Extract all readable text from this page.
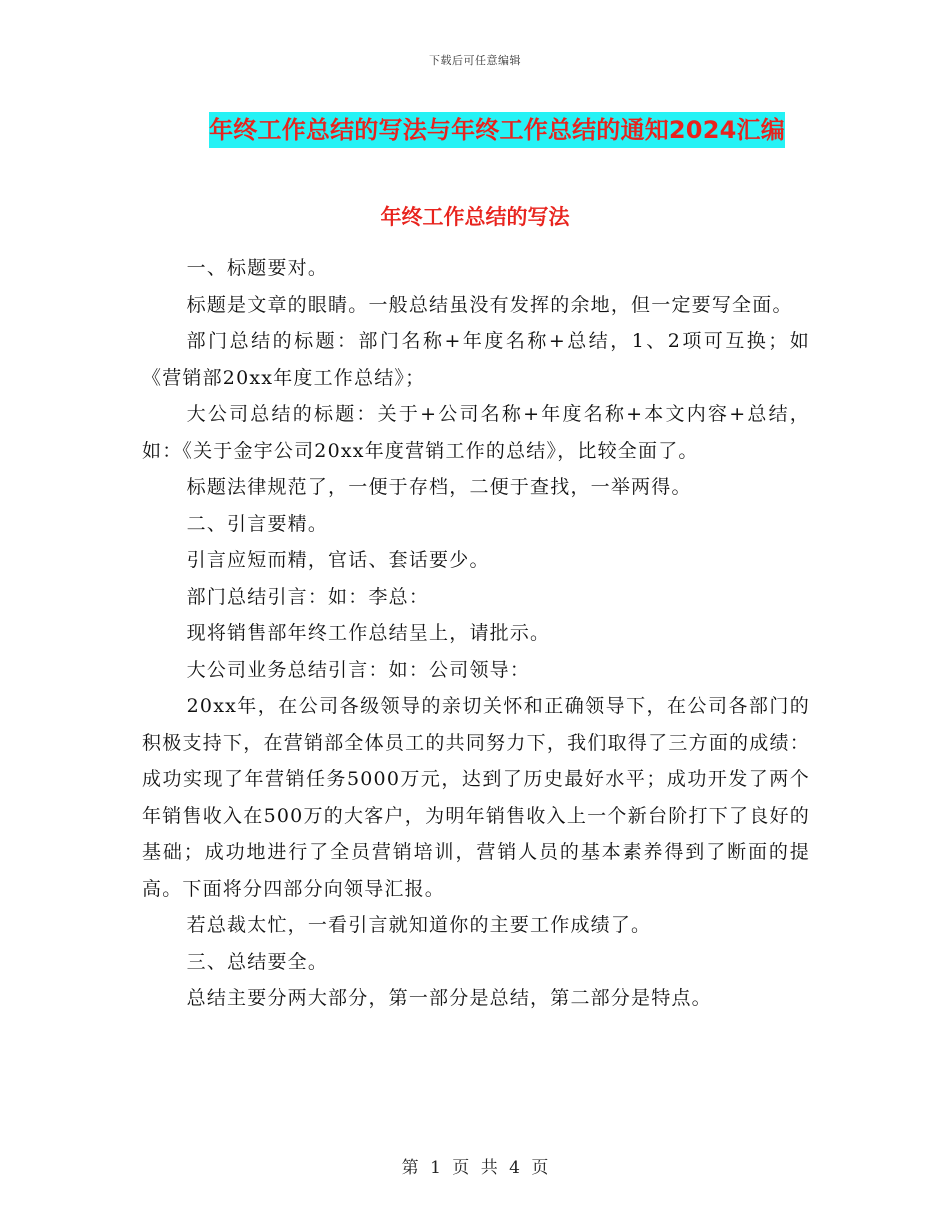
下载后可任意编辑
年终工作总结的写法与年终工作总结的通知2024汇编
年终工作总结的写法

一、标题要对。

标题是文章的眼睛。一般总结虽没有发挥的余地，但一定要写全面。

部门总结的标题：部门名称+年度名称+总结，1、2项可互换；如《营销部20xx年度工作总结》；

大公司总结的标题：关于+公司名称+年度名称+本文内容+总结，如：《关于金宇公司20xx年度营销工作的总结》，比较全面了。

标题法律规范了，一便于存档，二便于查找，一举两得。

二、引言要精。

引言应短而精，官话、套话要少。

部门总结引言：如：李总：

现将销售部年终工作总结呈上，请批示。

大公司业务总结引言：如：公司领导：

20xx年，在公司各级领导的亲切关怀和正确领导下，在公司各部门的积极支持下，在营销部全体员工的共同努力下，我们取得了三方面的成绩：成功实现了年营销任务5000万元，达到了历史最好水平；成功开发了两个年销售收入在500万的大客户，为明年销售收入上一个新台阶打下了良好的基础；成功地进行了全员营销培训，营销人员的基本素养得到了断面的提高。下面将分四部分向领导汇报。

若总裁太忙，一看引言就知道你的主要工作成绩了。

三、总结要全。

总结主要分两大部分，第一部分是总结，第二部分是特点。

第 1 页 共 4 页
